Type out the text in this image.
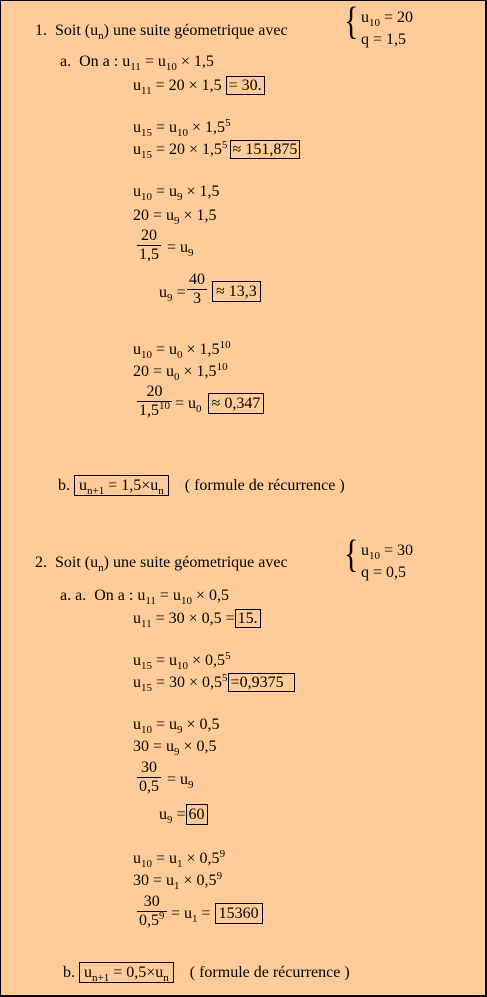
1. Soit $(u_n)$ une suite géometrique avec { $u_{10} = 20$
q = 1,5
a. On a : $u_{11} = u_{10} \times 1,5$
$u_{11} = 20 \times 1,5 = 30$.
$u_{15} = u_{10} \times 1,5^5$
$u_{15} = 20 \times 1,5^5 \approx 151,875$
$u_{10} = u_9 \times 1,5$
$20 = u_9 \times 1,5$
$\frac{20}{1,5} = u_9$
$u_9 = \frac{40}{3} \approx 13,3$
$u_{10} = u_0 \times 1,5^{10}$
$20 = u_0 \times 1,5^{10}$
$\frac{20}{1,5^{10}} = u_0 \approx 0,347$
b. $u_{n+1} = 1,5\times u_n$ ( formule de récurrence )
2. Soit $(u_n)$ une suite géometrique avec { $u_{10} = 30$
q = 0,5
a. a. On a : $u_{11} = u_{10} \times 0,5$
$u_{11} = 30 \times 0,5 = 15$.
$u_{15} = u_{10} \times 0,5^5$
$u_{15} = 30 \times 0,5^5 =0,9375$
$u_{10} = u_9 \times 0,5$
$30 = u_9 \times 0,5$
$\frac{30}{0,5} = u_9$
$u_9 = 60$
$u_{10} = u_1 \times 0,5^9$
$30 = u_1 \times 0,5^9$
$\frac{30}{0,5^9} = u_1 = 15360$
b. $u_{n+1} = 0,5\times u_n$ ( formule de récurrence )
